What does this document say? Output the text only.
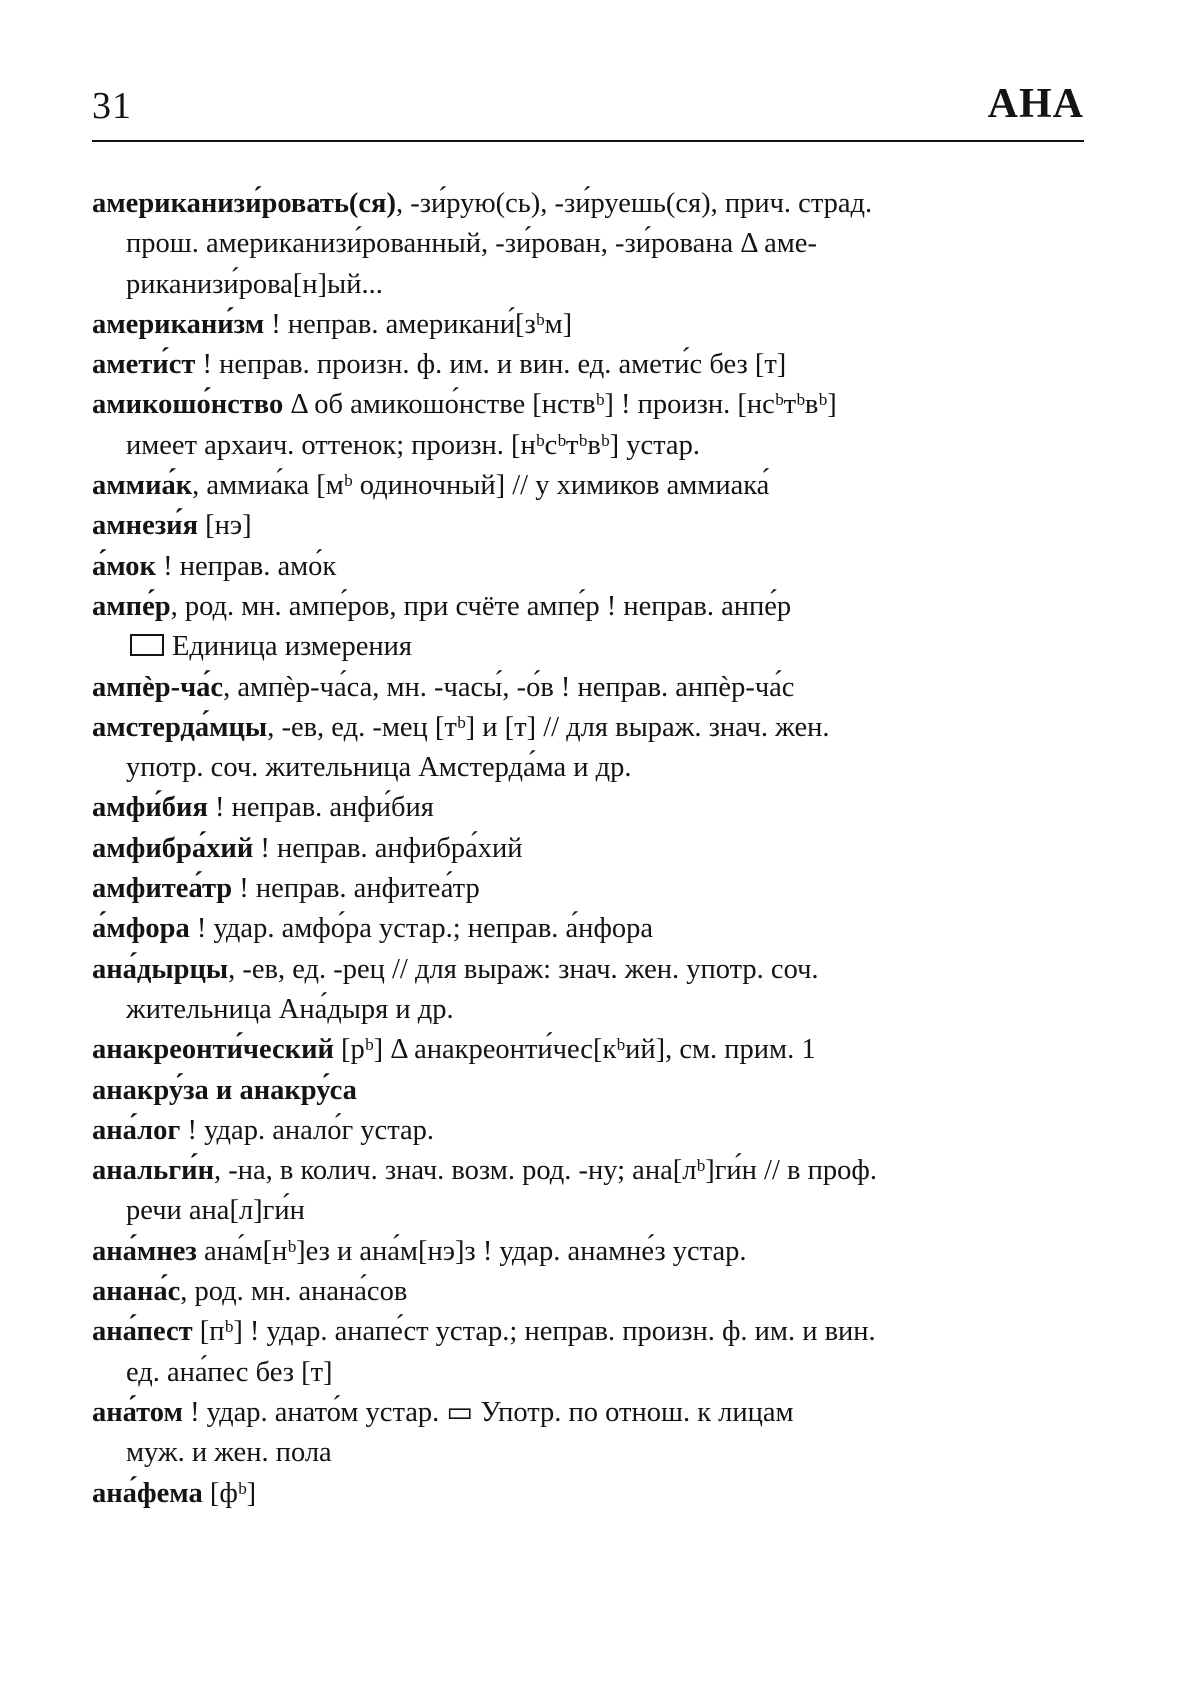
31	АНА
американизи́ровать(ся), -зи́рую(сь), -зи́руешь(ся), прич. страд.
прош. американизи́рованный, -зи́рован, -зи́рована Δ аме-
риканизи́рова[н]ый...
американи́зм ! неправ. американи́[зᵇм]
амети́ст ! неправ. произн. ф. им. и вин. ед. амети́с без [т]
амикошо́нство Δ об амикошо́нстве [нствᵇ] ! произн. [нсᵇтᵇвᵇ]
имеет архаич. оттенок; произн. [нᵇсᵇтᵇвᵇ] устар.
аммиа́к, аммиа́ка [мᵇ одиночный] // у химиков аммиака́
амнези́я [нэ]
а́мок ! неправ. амо́к
ампе́р, род. мн. ампе́ров, при счёте ампе́р ! неправ. анпе́р
Единица измерения
ампѐр-ча́с, ампѐр-ча́са, мн. -часы́, -о́в ! неправ. анпѐр-ча́с
амстерда́мцы, -ев, ед. -мец [тᵇ] и [т] // для выраж. знач. жен.
употр. соч. жительница Амстерда́ма и др.
амфи́бия ! неправ. анфи́бия
амфибра́хий ! неправ. анфибра́хий
амфитеа́тр ! неправ. анфитеа́тр
а́мфора ! удар. амфо́ра устар.; неправ. а́нфора
ана́дырцы, -ев, ед. -рец // для выраж: знач. жен. употр. соч.
жительница Ана́дыря и др.
анакреонти́ческий [рᵇ] Δ анакреонти́чес[кᵇий], см. прим. 1
анакру́за и анакру́са
ана́лог ! удар. анало́г устар.
анальги́н, -на, в колич. знач. возм. род. -ну; ана[лᵇ]ги́н // в проф.
речи ана[л]ги́н
ана́мнез ана́м[нᵇ]ез и ана́м[нэ]з ! удар. анамне́з устар.
анана́с, род. мн. анана́сов
ана́пест [пᵇ] ! удар. анапе́ст устар.; неправ. произн. ф. им. и вин.
ед. ана́пес без [т]
ана́том ! удар. анато́м устар. ▭ Употр. по отнош. к лицам
муж. и жен. пола
ана́фема [фᵇ]
